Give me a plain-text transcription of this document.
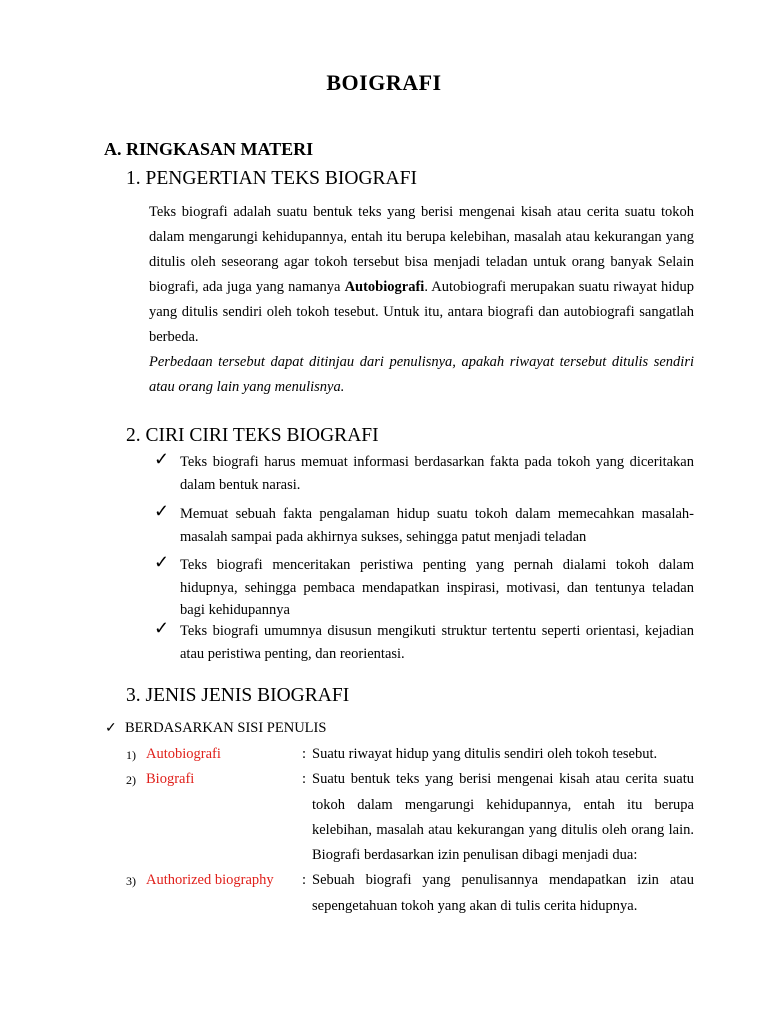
BOIGRAFI
A. RINGKASAN MATERI
1. PENGERTIAN TEKS BIOGRAFI

Teks biografi adalah suatu bentuk teks yang berisi mengenai kisah atau cerita suatu tokoh dalam mengarungi kehidupannya, entah itu berupa kelebihan, masalah atau kekurangan yang ditulis oleh seseorang agar tokoh tersebut bisa menjadi teladan untuk orang banyak Selain biografi, ada juga yang namanya Autobiografi. Autobiografi merupakan suatu riwayat hidup yang ditulis sendiri oleh tokoh tesebut. Untuk itu, antara biografi dan autobiografi sangatlah berbeda.

Perbedaan tersebut dapat ditinjau dari penulisnya, apakah riwayat tersebut ditulis sendiri atau orang lain yang menulisnya.

2. CIRI CIRI TEKS BIOGRAFI
✓ Teks biografi harus memuat informasi berdasarkan fakta pada tokoh yang diceritakan dalam bentuk narasi.
✓ Memuat sebuah fakta pengalaman hidup suatu tokoh dalam memecahkan masalah-masalah sampai pada akhirnya sukses, sehingga patut menjadi teladan
✓ Teks biografi menceritakan peristiwa penting yang pernah dialami tokoh dalam hidupnya, sehingga pembaca mendapatkan inspirasi, motivasi, dan tentunya teladan bagi kehidupannya
✓ Teks biografi umumnya disusun mengikuti struktur tertentu seperti orientasi, kejadian atau peristiwa penting, dan reorientasi.
3. JENIS JENIS BIOGRAFI
✓ BERDASARKAN SISI PENULIS
1) Autobiografi	: Suatu riwayat hidup yang ditulis sendiri oleh tokoh tesebut.
2) Biografi	: Suatu bentuk teks yang berisi mengenai kisah atau cerita suatu tokoh dalam mengarungi kehidupannya, entah itu berupa kelebihan, masalah atau kekurangan yang ditulis oleh orang lain. Biografi berdasarkan izin penulisan dibagi menjadi dua:
3) Authorized biography : Sebuah biografi yang penulisannya mendapatkan izin atau sepengetahuan tokoh yang akan di tulis cerita hidupnya.
